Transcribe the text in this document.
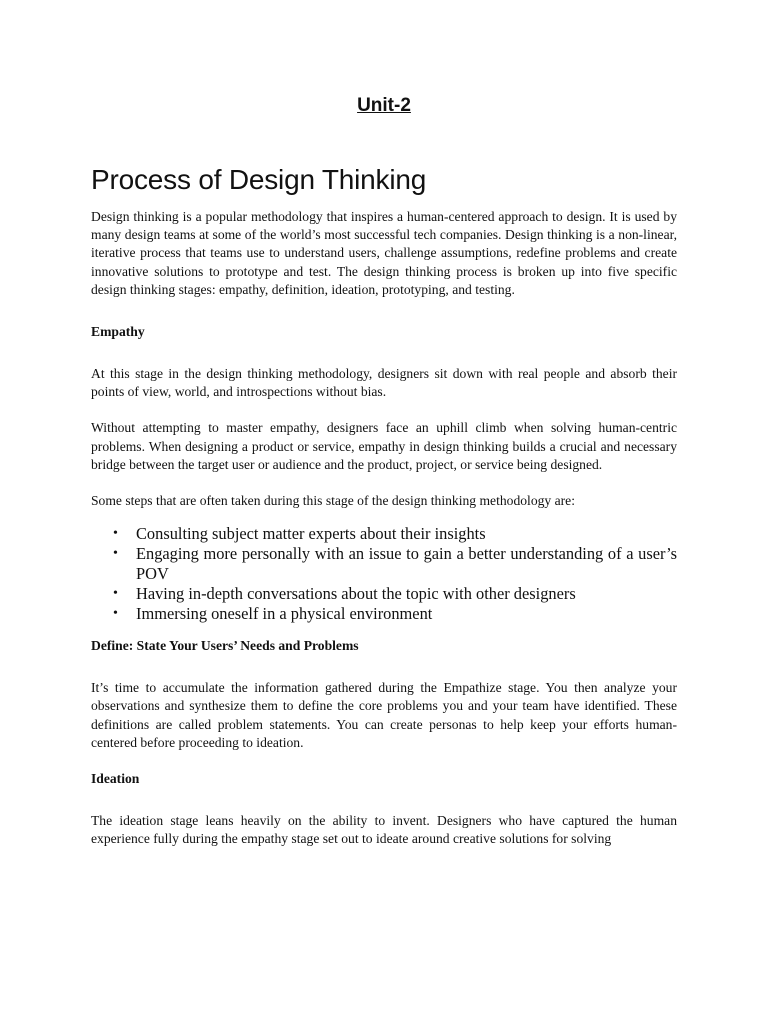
Unit-2
Process of Design Thinking

Design thinking is a popular methodology that inspires a human-centered approach to design. It is used by many design teams at some of the world’s most successful tech companies. Design thinking is a non-linear, iterative process that teams use to understand users, challenge assumptions, redefine problems and create innovative solutions to prototype and test. The design thinking process is broken up into five specific design thinking stages: empathy, definition, ideation, prototyping, and testing.

Empathy

At this stage in the design thinking methodology, designers sit down with real people and absorb their points of view, world, and introspections without bias.

Without attempting to master empathy, designers face an uphill climb when solving human-centric problems. When designing a product or service, empathy in design thinking builds a crucial and necessary bridge between the target user or audience and the product, project, or service being designed.

Some steps that are often taken during this stage of the design thinking methodology are:

• Consulting subject matter experts about their insights
• Engaging more personally with an issue to gain a better understanding of a user’s POV
• Having in-depth conversations about the topic with other designers
• Immersing oneself in a physical environment
Define: State Your Users’ Needs and Problems

It’s time to accumulate the information gathered during the Empathize stage. You then analyze your observations and synthesize them to define the core problems you and your team have identified. These definitions are called problem statements. You can create personas to help keep your efforts human-centered before proceeding to ideation.

Ideation

The ideation stage leans heavily on the ability to invent. Designers who have captured the human experience fully during the empathy stage set out to ideate around creative solutions for solving
